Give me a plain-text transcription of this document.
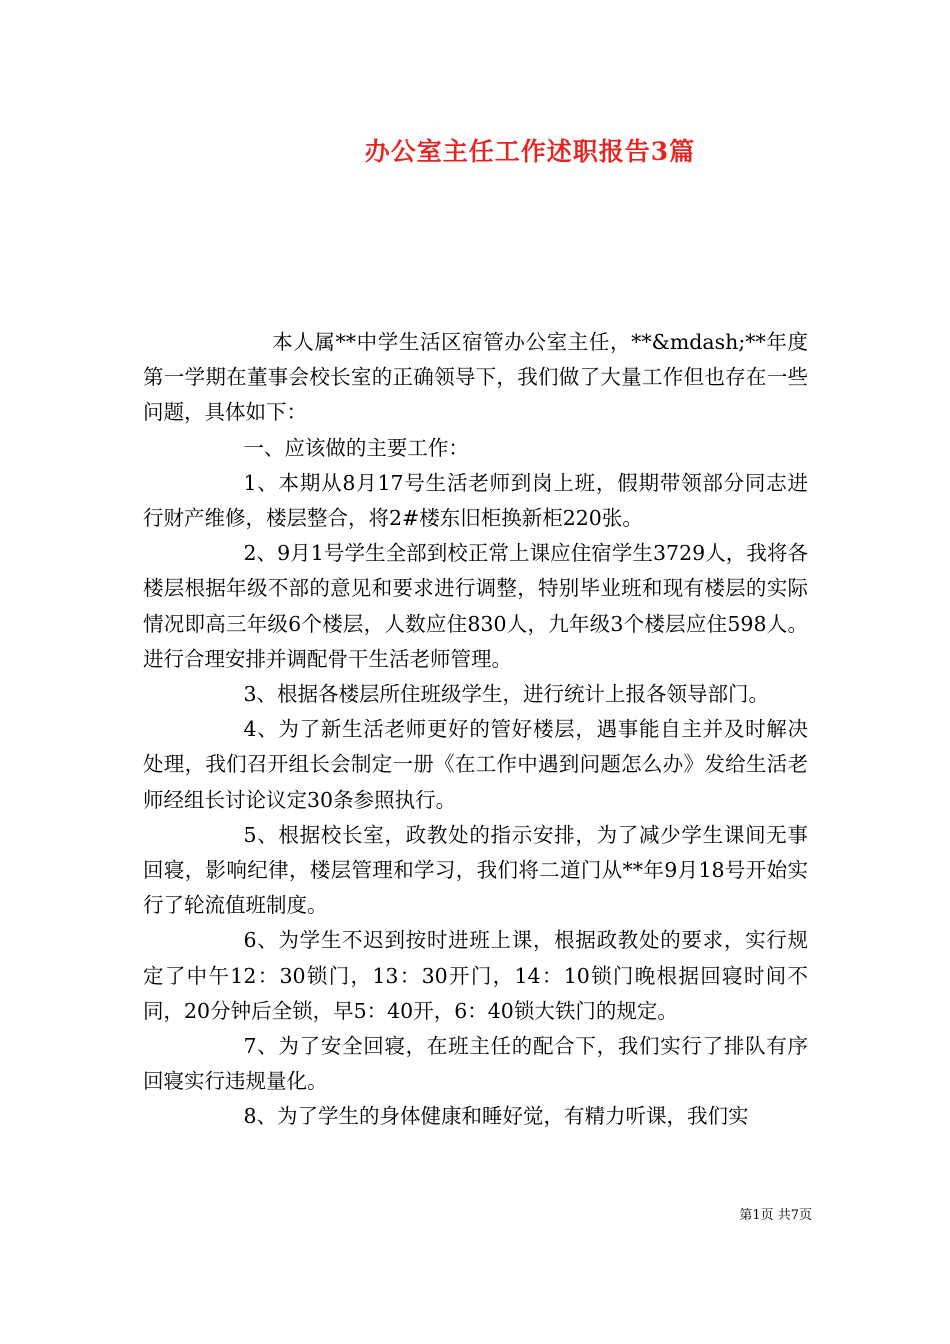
办公室主任工作述职报告3篇

本人属**中学生活区宿管办公室主任，**&mdash;**年度第一学期在董事会校长室的正确领导下，我们做了大量工作但也存在一些问题，具体如下：

一、应该做的主要工作：

1、本期从8月17号生活老师到岗上班，假期带领部分同志进行财产维修，楼层整合，将2#楼东旧柜换新柜220张。

2、9月1号学生全部到校正常上课应住宿学生3729人，我将各楼层根据年级不部的意见和要求进行调整，特别毕业班和现有楼层的实际情况即高三年级6个楼层，人数应住830人，九年级3个楼层应住598人。进行合理安排并调配骨干生活老师管理。

3、根据各楼层所住班级学生，进行统计上报各领导部门。

4、为了新生活老师更好的管好楼层，遇事能自主并及时解决处理，我们召开组长会制定一册《在工作中遇到问题怎么办》发给生活老师经组长讨论议定30条参照执行。

5、根据校长室，政教处的指示安排，为了减少学生课间无事回寝，影响纪律，楼层管理和学习，我们将二道门从**年9月18号开始实行了轮流值班制度。

6、为学生不迟到按时进班上课，根据政教处的要求，实行规定了中午12：30锁门，13：30开门，14：10锁门晚根据回寝时间不同，20分钟后全锁，早5：40开，6：40锁大铁门的规定。

7、为了安全回寝，在班主任的配合下，我们实行了排队有序回寝实行违规量化。

8、为了学生的身体健康和睡好觉，有精力听课，我们实

第1页 共7页
